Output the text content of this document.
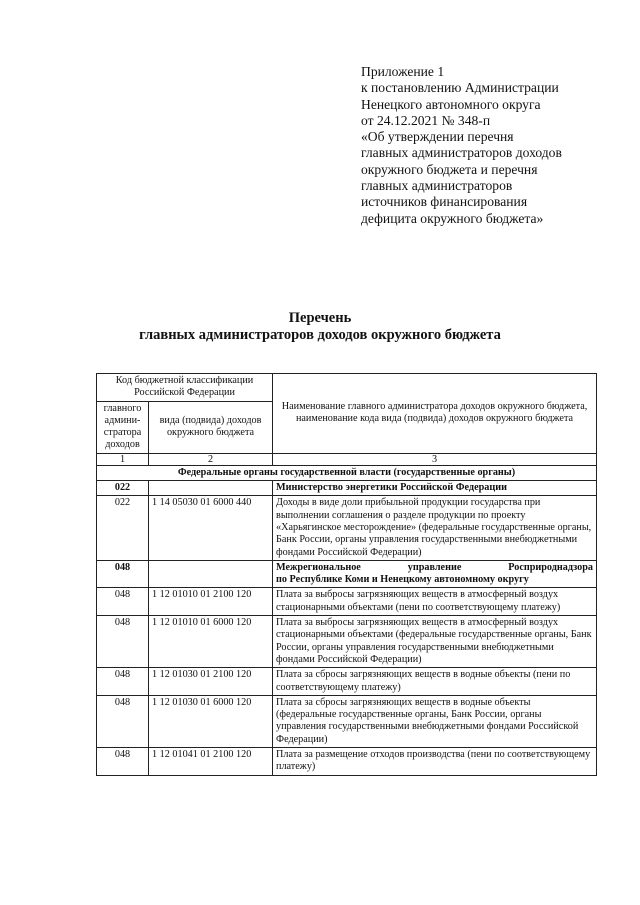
Приложение 1
к постановлению Администрации
Ненецкого автономного округа
от 24.12.2021 № 348-п
«Об утверждении перечня
главных администраторов доходов
окружного бюджета и перечня
главных администраторов
источников финансирования
дефицита окружного бюджета»
Перечень
главных администраторов доходов окружного бюджета
Код бюджетной классификации Российской Федерации		Наименование главного администратора доходов окружного бюджета, наименование кода вида (подвида) доходов окружного бюджета
главного админи-стратора доходов	вида (подвида) доходов окружного бюджета	
1	2	3
Федеральные органы государственной власти (государственные органы)		
022		Министерство энергетики Российской Федерации
022	1 14 05030 01 6000 440	Доходы в виде доли прибыльной продукции государства при выполнении соглашения о разделе продукции по проекту «Харьягинское месторождение» (федеральные государственные органы, Банк России, органы управления государственными внебюджетными фондами Российской Федерации)
048		Межрегиональное управление Росприроднадзора
по Республике Коми и Ненецкому автономному округу

048	1 12 01010 01 2100 120	Плата за выбросы загрязняющих веществ в атмосферный воздух стационарными объектами (пени по соответствующему платежу)
048	1 12 01010 01 6000 120	Плата за выбросы загрязняющих веществ в атмосферный воздух стационарными объектами (федеральные государственные органы, Банк России, органы управления государственными внебюджетными фондами Российской Федерации)
048	1 12 01030 01 2100 120	Плата за сбросы загрязняющих веществ в водные объекты (пени по соответствующему платежу)
048	1 12 01030 01 6000 120	Плата за сбросы загрязняющих веществ в водные объекты (федеральные государственные органы, Банк России, органы управления государственными внебюджетными фондами Российской Федерации)
048	1 12 01041 01 2100 120	Плата за размещение отходов производства (пени по соответствующему платежу)
